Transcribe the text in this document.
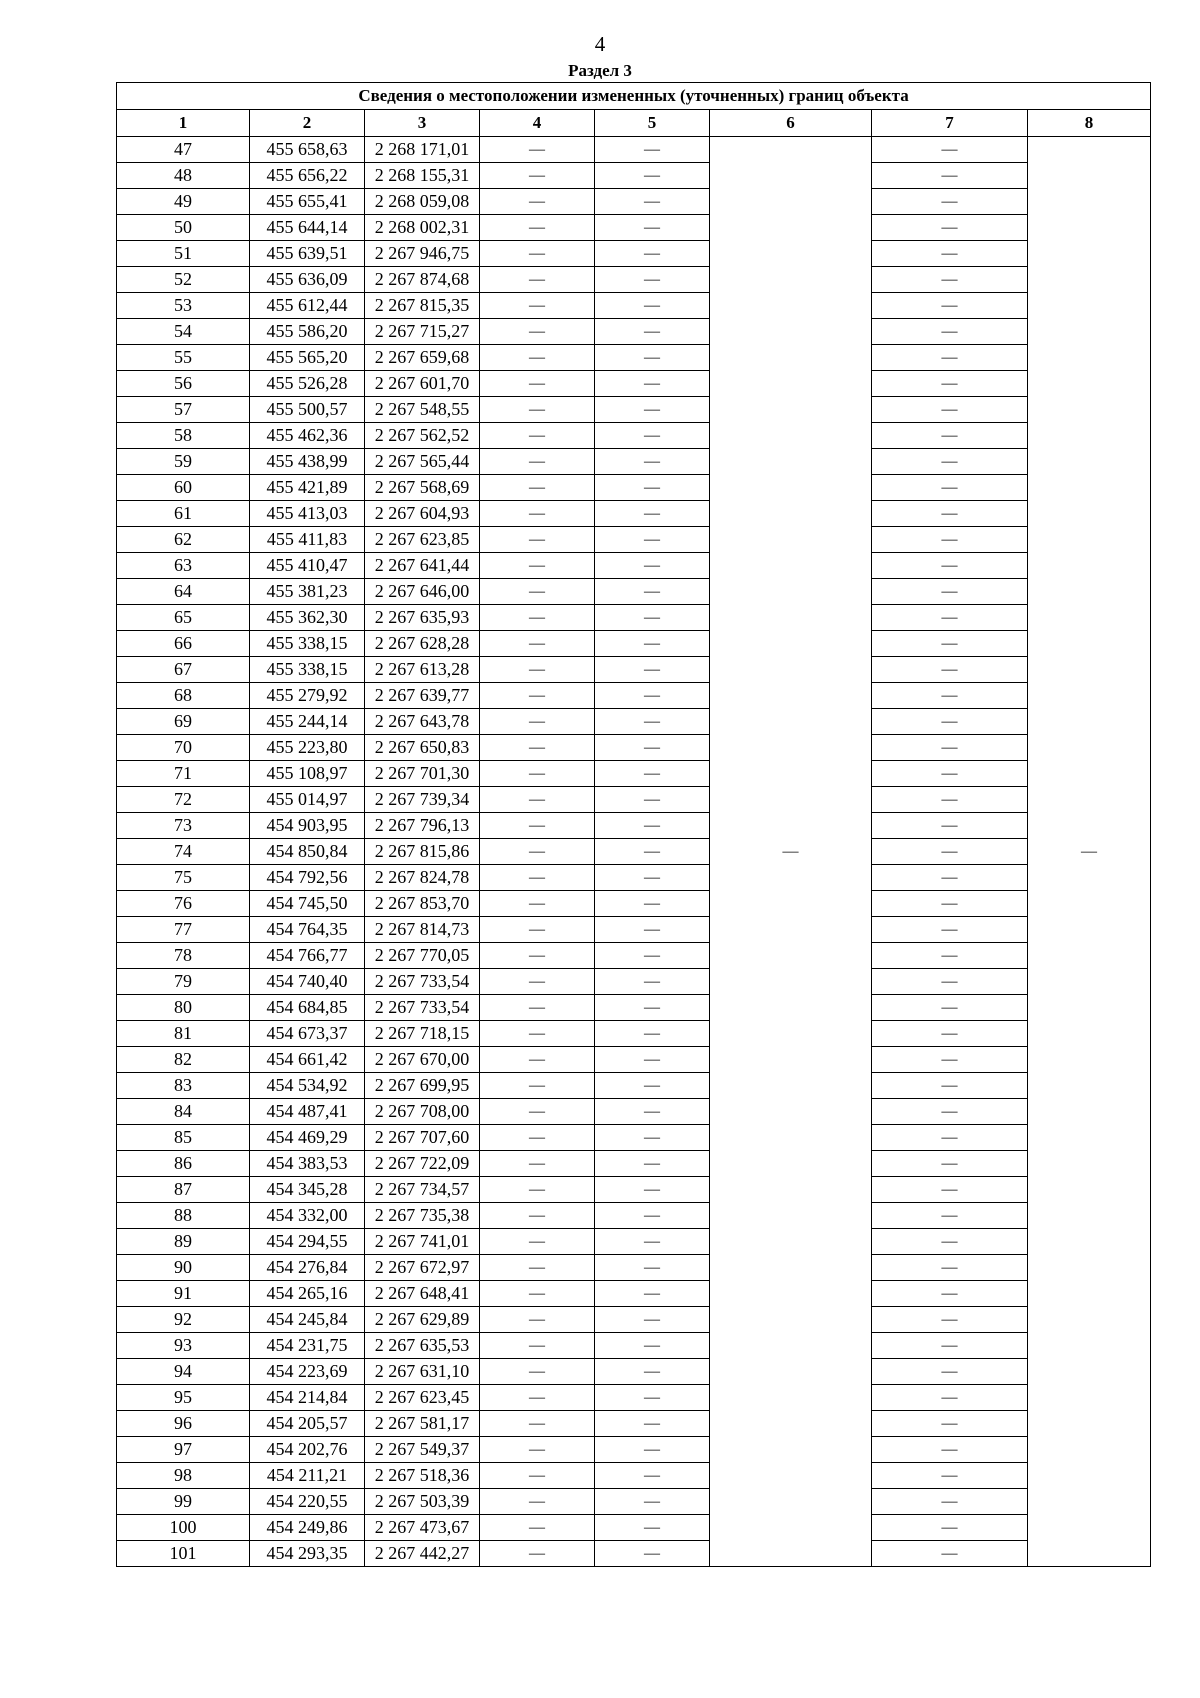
4
Раздел 3
Сведения о местоположении измененных (уточненных) границ объекта							
1	2	3	4	5	6	7	8
47	455 658,63	2 268 171,01	—	—	—	—	—
48	455 656,22	2 268 155,31	—	—		—	
49	455 655,41	2 268 059,08	—	—		—	
50	455 644,14	2 268 002,31	—	—		—	
51	455 639,51	2 267 946,75	—	—		—	
52	455 636,09	2 267 874,68	—	—		—	
53	455 612,44	2 267 815,35	—	—		—	
54	455 586,20	2 267 715,27	—	—		—	
55	455 565,20	2 267 659,68	—	—		—	
56	455 526,28	2 267 601,70	—	—		—	
57	455 500,57	2 267 548,55	—	—		—	
58	455 462,36	2 267 562,52	—	—		—	
59	455 438,99	2 267 565,44	—	—		—	
60	455 421,89	2 267 568,69	—	—		—	
61	455 413,03	2 267 604,93	—	—		—	
62	455 411,83	2 267 623,85	—	—		—	
63	455 410,47	2 267 641,44	—	—		—	
64	455 381,23	2 267 646,00	—	—		—	
65	455 362,30	2 267 635,93	—	—		—	
66	455 338,15	2 267 628,28	—	—		—	
67	455 338,15	2 267 613,28	—	—		—	
68	455 279,92	2 267 639,77	—	—		—	
69	455 244,14	2 267 643,78	—	—		—	
70	455 223,80	2 267 650,83	—	—		—	
71	455 108,97	2 267 701,30	—	—		—	
72	455 014,97	2 267 739,34	—	—		—	
73	454 903,95	2 267 796,13	—	—		—	
74	454 850,84	2 267 815,86	—	—		—	
75	454 792,56	2 267 824,78	—	—		—	
76	454 745,50	2 267 853,70	—	—		—	
77	454 764,35	2 267 814,73	—	—		—	
78	454 766,77	2 267 770,05	—	—		—	
79	454 740,40	2 267 733,54	—	—		—	
80	454 684,85	2 267 733,54	—	—		—	
81	454 673,37	2 267 718,15	—	—		—	
82	454 661,42	2 267 670,00	—	—		—	
83	454 534,92	2 267 699,95	—	—		—	
84	454 487,41	2 267 708,00	—	—		—	
85	454 469,29	2 267 707,60	—	—		—	
86	454 383,53	2 267 722,09	—	—		—	
87	454 345,28	2 267 734,57	—	—		—	
88	454 332,00	2 267 735,38	—	—		—	
89	454 294,55	2 267 741,01	—	—		—	
90	454 276,84	2 267 672,97	—	—		—	
91	454 265,16	2 267 648,41	—	—		—	
92	454 245,84	2 267 629,89	—	—		—	
93	454 231,75	2 267 635,53	—	—		—	
94	454 223,69	2 267 631,10	—	—		—	
95	454 214,84	2 267 623,45	—	—		—	
96	454 205,57	2 267 581,17	—	—		—	
97	454 202,76	2 267 549,37	—	—		—	
98	454 211,21	2 267 518,36	—	—		—	
99	454 220,55	2 267 503,39	—	—		—	
100	454 249,86	2 267 473,67	—	—		—	
101	454 293,35	2 267 442,27	—	—		—	
